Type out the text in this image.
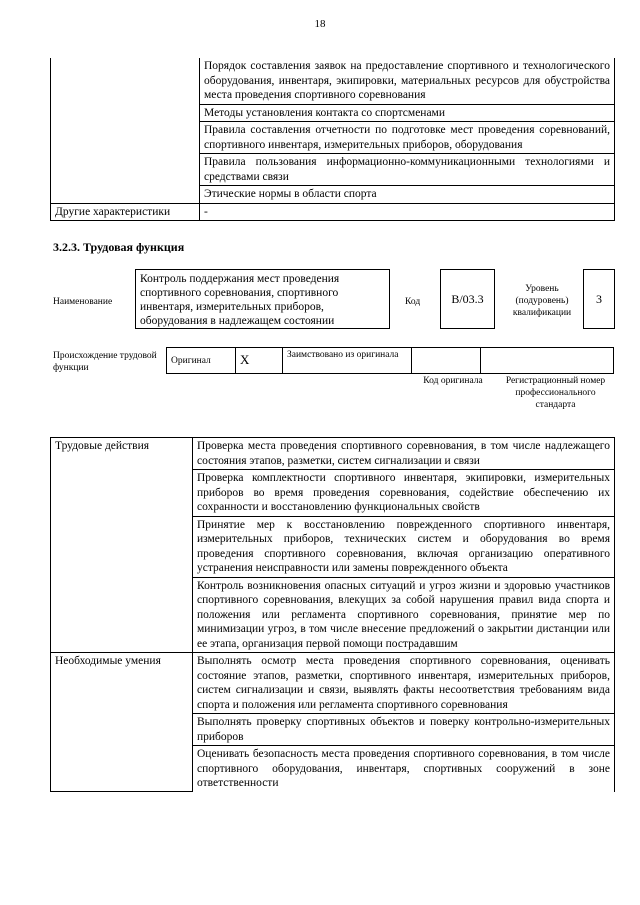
18
	Порядок составления заявок на предоставление спортивного и технологического оборудования, инвентаря, экипировки, материальных ресурсов для обустройства места проведения спортивного соревнования
	Методы установления контакта со спортсменами
	Правила составления отчетности по подготовке мест проведения соревнований, спортивного инвентаря, измерительных приборов, оборудования
	Правила пользования информационно-коммуникационными технологиями и средствами связи
	Этические нормы в области спорта
Другие характеристики	-
3.2.3. Трудовая функция
Наименование
Контроль поддержания мест проведения спортивного соревнования, спортивного инвентаря, измерительных приборов, оборудования в надлежащем состоянии
Код	B/03.3
Уровень (подуровень) квалификации
3
Происхождение трудовой функции
Оригинал	X	Заимствовано из оригинала		
Код оригинала	Регистрационный номер профессионального стандарта
Трудовые действия	Проверка места проведения спортивного соревнования, в том числе надлежащего состояния этапов, разметки, систем сигнализации и связи
	Проверка комплектности спортивного инвентаря, экипировки, измерительных приборов во время проведения соревнования, содействие обеспечению их сохранности и восстановлению функциональных свойств
	Принятие мер к восстановлению поврежденного спортивного инвентаря, измерительных приборов, технических систем и оборудования во время проведения спортивного соревнования, включая организацию оперативного устранения неисправности или замены поврежденного объекта
	Контроль возникновения опасных ситуаций и угроз жизни и здоровью участников спортивного соревнования, влекущих за собой нарушения правил вида спорта и положения или регламента спортивного соревнования, принятие мер по минимизации угроз, в том числе внесение предложений о закрытии дистанции или ее этапа, организация первой помощи пострадавшим
Необходимые умения	Выполнять осмотр места проведения спортивного соревнования, оценивать состояние этапов, разметки, спортивного инвентаря, измерительных приборов, систем сигнализации и связи, выявлять факты несоответствия требованиям вида спорта и положения или регламента спортивного соревнования
	Выполнять проверку спортивных объектов и поверку контрольно-измерительных приборов
	Оценивать безопасность места проведения спортивного соревнования, в том числе спортивного оборудования, инвентаря, спортивных сооружений в зоне ответственности
